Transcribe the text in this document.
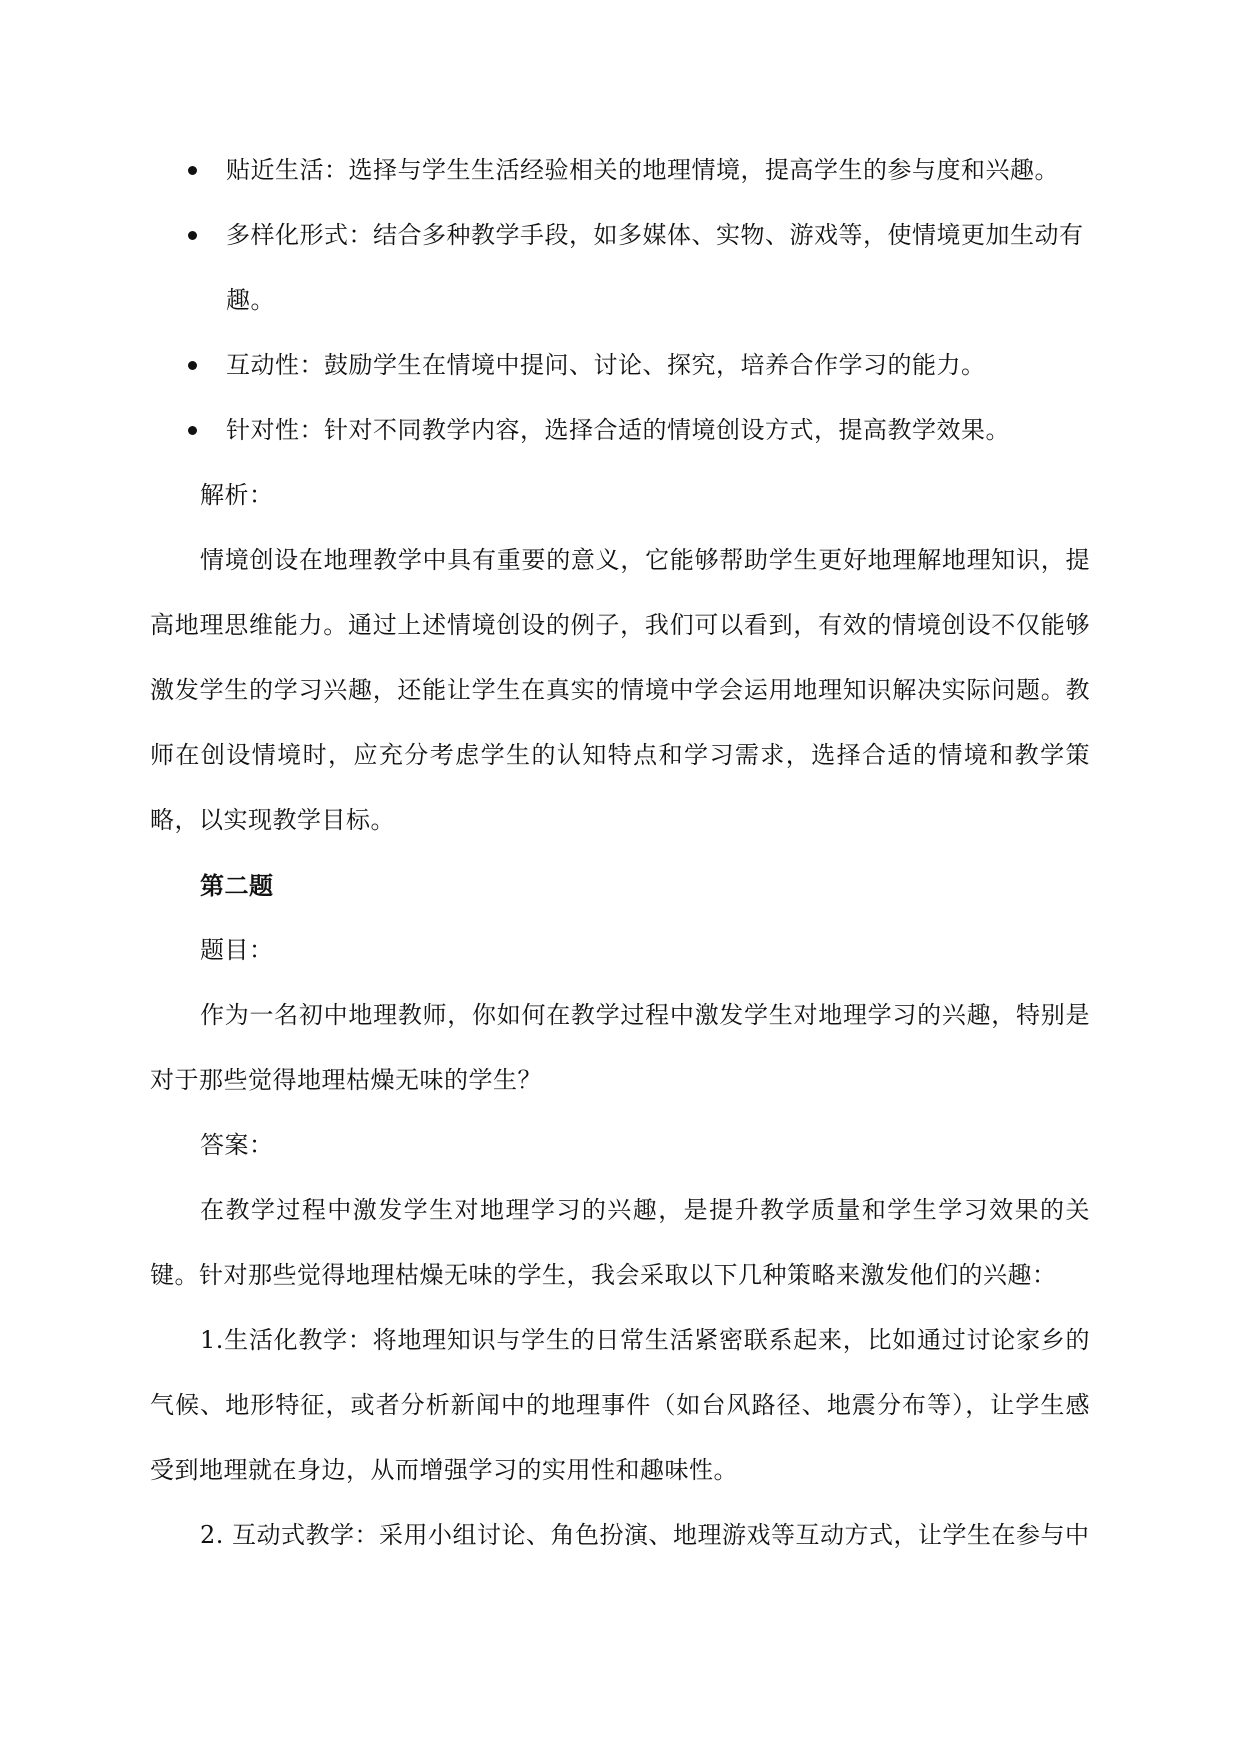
贴近生活：选择与学生生活经验相关的地理情境，提高学生的参与度和兴趣。
多样化形式：结合多种教学手段，如多媒体、实物、游戏等，使情境更加生动有趣。
互动性：鼓励学生在情境中提问、讨论、探究，培养合作学习的能力。
针对性：针对不同教学内容，选择合适的情境创设方式，提高教学效果。

解析：

情境创设在地理教学中具有重要的意义，它能够帮助学生更好地理解地理知识，提高地理思维能力。通过上述情境创设的例子，我们可以看到，有效的情境创设不仅能够激发学生的学习兴趣，还能让学生在真实的情境中学会运用地理知识解决实际问题。教师在创设情境时，应充分考虑学生的认知特点和学习需求，选择合适的情境和教学策略，以实现教学目标。

第二题

题目：

作为一名初中地理教师，你如何在教学过程中激发学生对地理学习的兴趣，特别是对于那些觉得地理枯燥无味的学生？

答案：

在教学过程中激发学生对地理学习的兴趣，是提升教学质量和学生学习效果的关键。针对那些觉得地理枯燥无味的学生，我会采取以下几种策略来激发他们的兴趣：

1.生活化教学：将地理知识与学生的日常生活紧密联系起来，比如通过讨论家乡的气候、地形特征，或者分析新闻中的地理事件（如台风路径、地震分布等），让学生感受到地理就在身边，从而增强学习的实用性和趣味性。

2. 互动式教学：采用小组讨论、角色扮演、地理游戏等互动方式，让学生在参与中
